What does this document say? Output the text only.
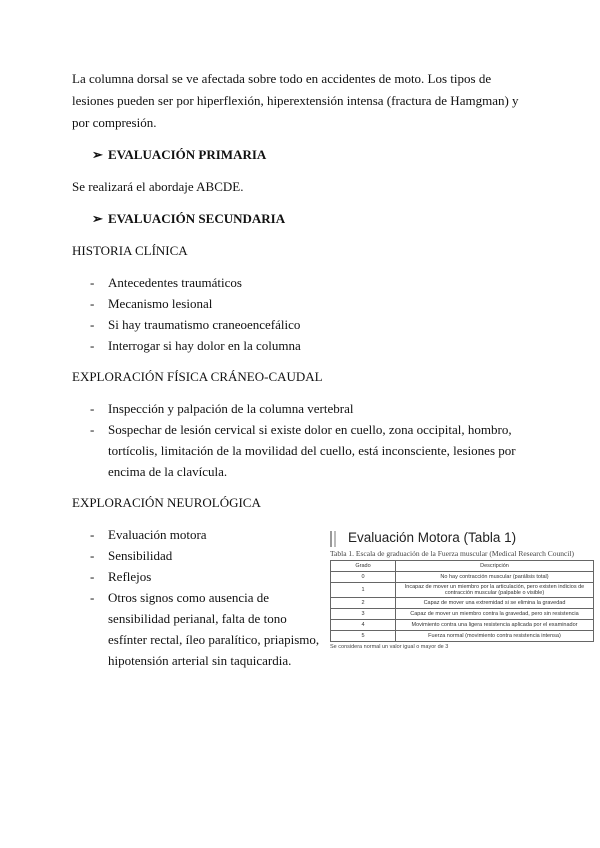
La columna dorsal se ve afectada sobre todo en accidentes de moto. Los tipos de lesiones pueden ser por hiperflexión, hiperextensión intensa (fractura de Hamgman) y por compresión.

➢ EVALUACIÓN PRIMARIA

Se realizará el abordaje ABCDE.

➢ EVALUACIÓN SECUNDARIA

HISTORIA CLÍNICA

- Antecedentes traumáticos
- Mecanismo lesional
- Si hay traumatismo craneoencefálico
- Interrogar si hay dolor en la columna

EXPLORACIÓN FÍSICA CRÁNEO-CAUDAL

- Inspección y palpación de la columna vertebral
- Sospechar de lesión cervical si existe dolor en cuello, zona occipital, hombro, tortícolis, limitación de la movilidad del cuello, está inconsciente, lesiones por encima de la clavícula.

EXPLORACIÓN NEUROLÓGICA

- Evaluación motora
- Sensibilidad
- Reflejos
- Otros signos como ausencia de sensibilidad perianal, falta de tono esfínter rectal, íleo paralítico, priapismo, hipotensión arterial sin taquicardia.
Evaluación Motora (Tabla 1)
Tabla 1. Escala de graduación de la Fuerza muscular (Medical Research Council)
Grado	Descripción
0	No hay contracción muscular (parálisis total)
1	Incapaz de mover un miembro por la articulación, pero existen indicios de contracción muscular (palpable o visible)
2	Capaz de mover una extremidad si se elimina la gravedad
3	Capaz de mover un miembro contra la gravedad, pero sin resistencia
4	Movimiento contra una ligera resistencia aplicada por el examinador
5	Fuerza normal (movimiento contra resistencia intensa)
Se considera normal un valor igual o mayor de 3
